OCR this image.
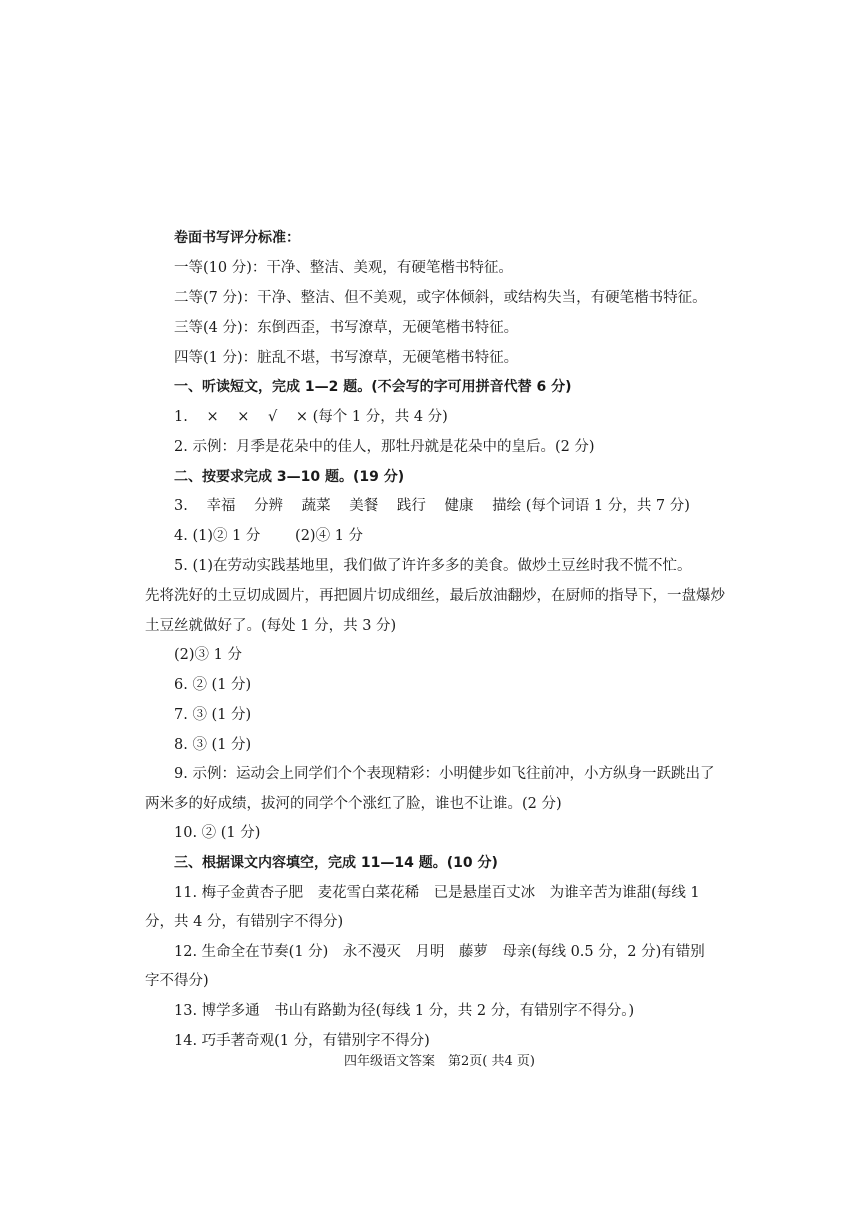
卷面书写评分标准：
一等(10 分)：干净、整洁、美观，有硬笔楷书特征。
二等(7 分)：干净、整洁、但不美观，或字体倾斜，或结构失当，有硬笔楷书特征。
三等(4 分)：东倒西歪，书写潦草，无硬笔楷书特征。
四等(1 分)：脏乱不堪，书写潦草，无硬笔楷书特征。
一、听读短文，完成 1—2 题。(不会写的字可用拼音代替 6 分)
1. × × √ × (每个 1 分，共 4 分)
2. 示例：月季是花朵中的佳人，那牡丹就是花朵中的皇后。(2 分)
二、按要求完成 3—10 题。(19 分)
3. 幸福 分辨 蔬菜 美餐 践行 健康 描绘 (每个词语 1 分，共 7 分)
4. (1)② 1 分 (2)④ 1 分
5. (1)在劳动实践基地里，我们做了许许多多的美食。做炒土豆丝时我不慌不忙。
先将洗好的土豆切成圆片，再把圆片切成细丝，最后放油翻炒，在厨师的指导下，一盘爆炒
土豆丝就做好了。(每处 1 分，共 3 分)
(2)③ 1 分
6. ② (1 分)
7. ③ (1 分)
8. ③ (1 分)
9. 示例：运动会上同学们个个表现精彩：小明健步如飞往前冲，小方纵身一跃跳出了
两米多的好成绩，拔河的同学个个涨红了脸，谁也不让谁。(2 分)
10. ② (1 分)
三、根据课文内容填空，完成 11—14 题。(10 分)
11. 梅子金黄杏子肥　麦花雪白菜花稀　已是悬崖百丈冰　为谁辛苦为谁甜(每线 1
分，共 4 分，有错别字不得分)
12. 生命全在节奏(1 分)　永不漫灭　月明　藤萝　母亲(每线 0.5 分，2 分)有错别
字不得分)
13. 博学多通　书山有路勤为径(每线 1 分，共 2 分，有错别字不得分。)
14. 巧手著奇观(1 分，有错别字不得分)
四年级语文答案　第2页( 共4 页)
